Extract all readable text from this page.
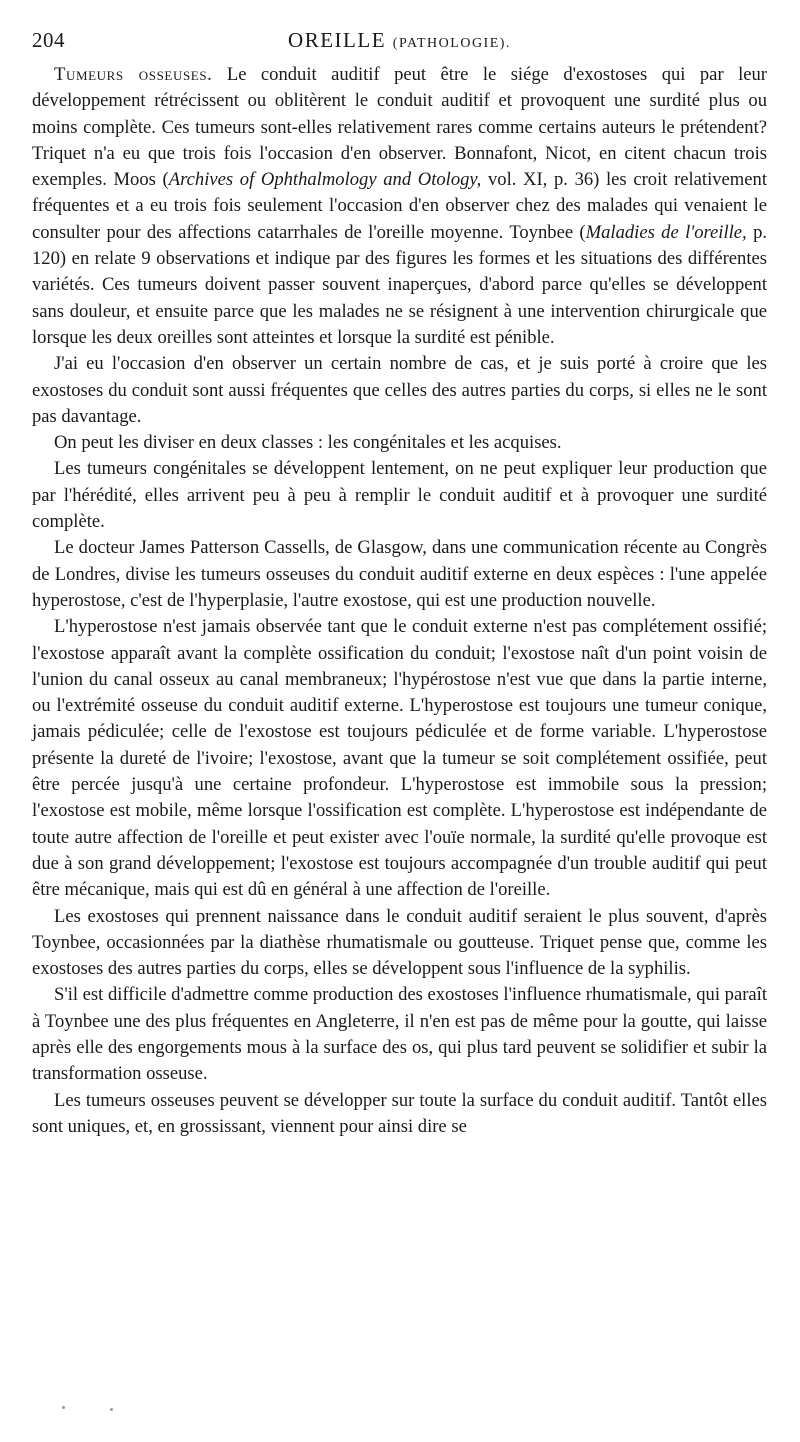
204	OREILLE (PATHOLOGIE).

Tumeurs osseuses. Le conduit auditif peut être le siége d'exostoses qui par leur développement rétrécissent ou oblitèrent le conduit auditif et provoquent une surdité plus ou moins complète. Ces tumeurs sont-elles relativement rares comme certains auteurs le prétendent? Triquet n'a eu que trois fois l'occasion d'en observer. Bonnafont, Nicot, en citent chacun trois exemples. Moos (Archives of Ophthalmology and Otology, vol. XI, p. 36) les croit relativement fréquentes et a eu trois fois seulement l'occasion d'en observer chez des malades qui venaient le consulter pour des affections catarrhales de l'oreille moyenne. Toynbee (Maladies de l'oreille, p. 120) en relate 9 observations et indique par des figures les formes et les situations des différentes variétés. Ces tumeurs doivent passer souvent inaperçues, d'abord parce qu'elles se développent sans douleur, et ensuite parce que les malades ne se résignent à une intervention chirurgicale que lorsque les deux oreilles sont atteintes et lorsque la surdité est pénible.

J'ai eu l'occasion d'en observer un certain nombre de cas, et je suis porté à croire que les exostoses du conduit sont aussi fréquentes que celles des autres parties du corps, si elles ne le sont pas davantage.

On peut les diviser en deux classes : les congénitales et les acquises.

Les tumeurs congénitales se développent lentement, on ne peut expliquer leur production que par l'hérédité, elles arrivent peu à peu à remplir le conduit auditif et à provoquer une surdité complète.

Le docteur James Patterson Cassells, de Glasgow, dans une communication récente au Congrès de Londres, divise les tumeurs osseuses du conduit auditif externe en deux espèces : l'une appelée hyperostose, c'est de l'hyperplasie, l'autre exostose, qui est une production nouvelle.

L'hyperostose n'est jamais observée tant que le conduit externe n'est pas complétement ossifié; l'exostose apparaît avant la complète ossification du conduit; l'exostose naît d'un point voisin de l'union du canal osseux au canal membraneux; l'hypérostose n'est vue que dans la partie interne, ou l'extrémité osseuse du conduit auditif externe. L'hyperostose est toujours une tumeur conique, jamais pédiculée; celle de l'exostose est toujours pédiculée et de forme variable. L'hyperostose présente la dureté de l'ivoire; l'exostose, avant que la tumeur se soit complétement ossifiée, peut être percée jusqu'à une certaine profondeur. L'hyperostose est immobile sous la pression; l'exostose est mobile, même lorsque l'ossification est complète. L'hyperostose est indépendante de toute autre affection de l'oreille et peut exister avec l'ouïe normale, la surdité qu'elle provoque est due à son grand développement; l'exostose est toujours accompagnée d'un trouble auditif qui peut être mécanique, mais qui est dû en général à une affection de l'oreille.

Les exostoses qui prennent naissance dans le conduit auditif seraient le plus souvent, d'après Toynbee, occasionnées par la diathèse rhumatismale ou goutteuse. Triquet pense que, comme les exostoses des autres parties du corps, elles se développent sous l'influence de la syphilis.

S'il est difficile d'admettre comme production des exostoses l'influence rhumatismale, qui paraît à Toynbee une des plus fréquentes en Angleterre, il n'en est pas de même pour la goutte, qui laisse après elle des engorgements mous à la surface des os, qui plus tard peuvent se solidifier et subir la transformation osseuse.

Les tumeurs osseuses peuvent se développer sur toute la surface du conduit auditif. Tantôt elles sont uniques, et, en grossissant, viennent pour ainsi dire se
